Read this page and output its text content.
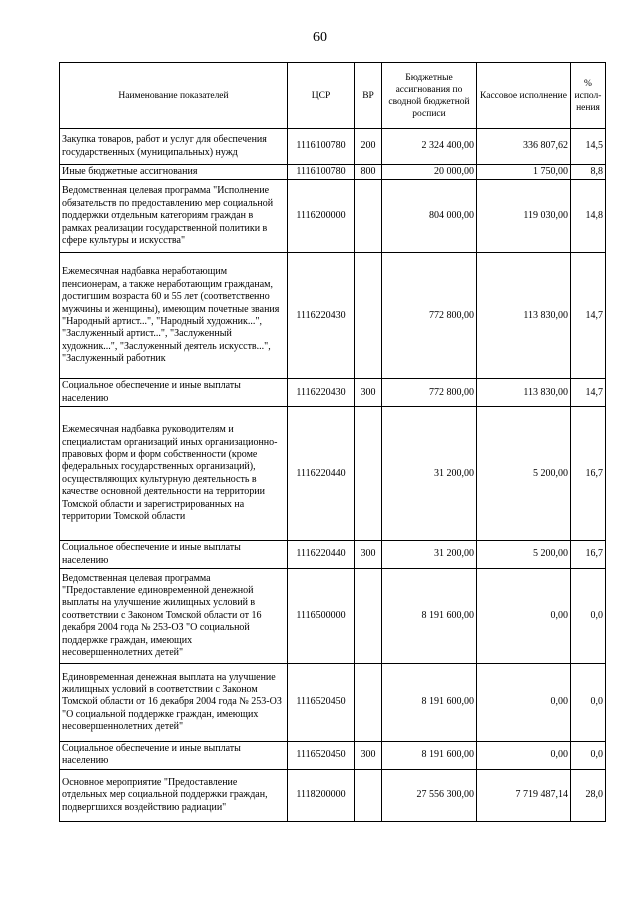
60
Наименование показателей	ЦСР	ВР	Бюджетные ассигнования по сводной бюджетной росписи	Кассовое исполнение	% испол-нения
Закупка товаров, работ и услуг для обеспечения государственных (муниципальных) нужд	1116100780	200	2 324 400,00	336 807,62	14,5
Иные бюджетные ассигнования	1116100780	800	20 000,00	1 750,00	8,8
Ведомственная целевая программа "Исполнение обязательств по предоставлению мер социальной поддержки отдельным категориям граждан в рамках реализации государственной политики в сфере культуры и искусства"	1116200000		804 000,00	119 030,00	14,8
Ежемесячная надбавка неработающим пенсионерам, а также неработающим гражданам, достигшим возраста 60 и 55 лет (соответственно мужчины и женщины), имеющим почетные звания "Народный артист...", "Народный художник...", "Заслуженный артист...", "Заслуженный художник...", "Заслуженный деятель искусств...", "Заслуженный работник	1116220430		772 800,00	113 830,00	14,7
Социальное обеспечение и иные выплаты населению	1116220430	300	772 800,00	113 830,00	14,7
Ежемесячная надбавка руководителям и специалистам организаций иных организационно-правовых форм и форм собственности (кроме федеральных государственных организаций), осуществляющих культурную деятельность в качестве основной деятельности на территории Томской области и зарегистрированных на территории Томской области	1116220440		31 200,00	5 200,00	16,7
Социальное обеспечение и иные выплаты населению	1116220440	300	31 200,00	5 200,00	16,7
Ведомственная целевая программа "Предоставление единовременной денежной выплаты на улучшение жилищных условий в соответствии с Законом Томской области от 16 декабря 2004 года № 253-ОЗ "О социальной поддержке граждан, имеющих несовершеннолетних детей"	1116500000		8 191 600,00	0,00	0,0
Единовременная денежная выплата на улучшение жилищных условий в соответствии с Законом Томской области от 16 декабря 2004 года № 253-ОЗ "О социальной поддержке граждан, имеющих несовершеннолетних детей"	1116520450		8 191 600,00	0,00	0,0
Социальное обеспечение и иные выплаты населению	1116520450	300	8 191 600,00	0,00	0,0
Основное мероприятие "Предоставление отдельных мер социальной поддержки граждан, подвергшихся воздействию радиации"	1118200000		27 556 300,00	7 719 487,14	28,0
